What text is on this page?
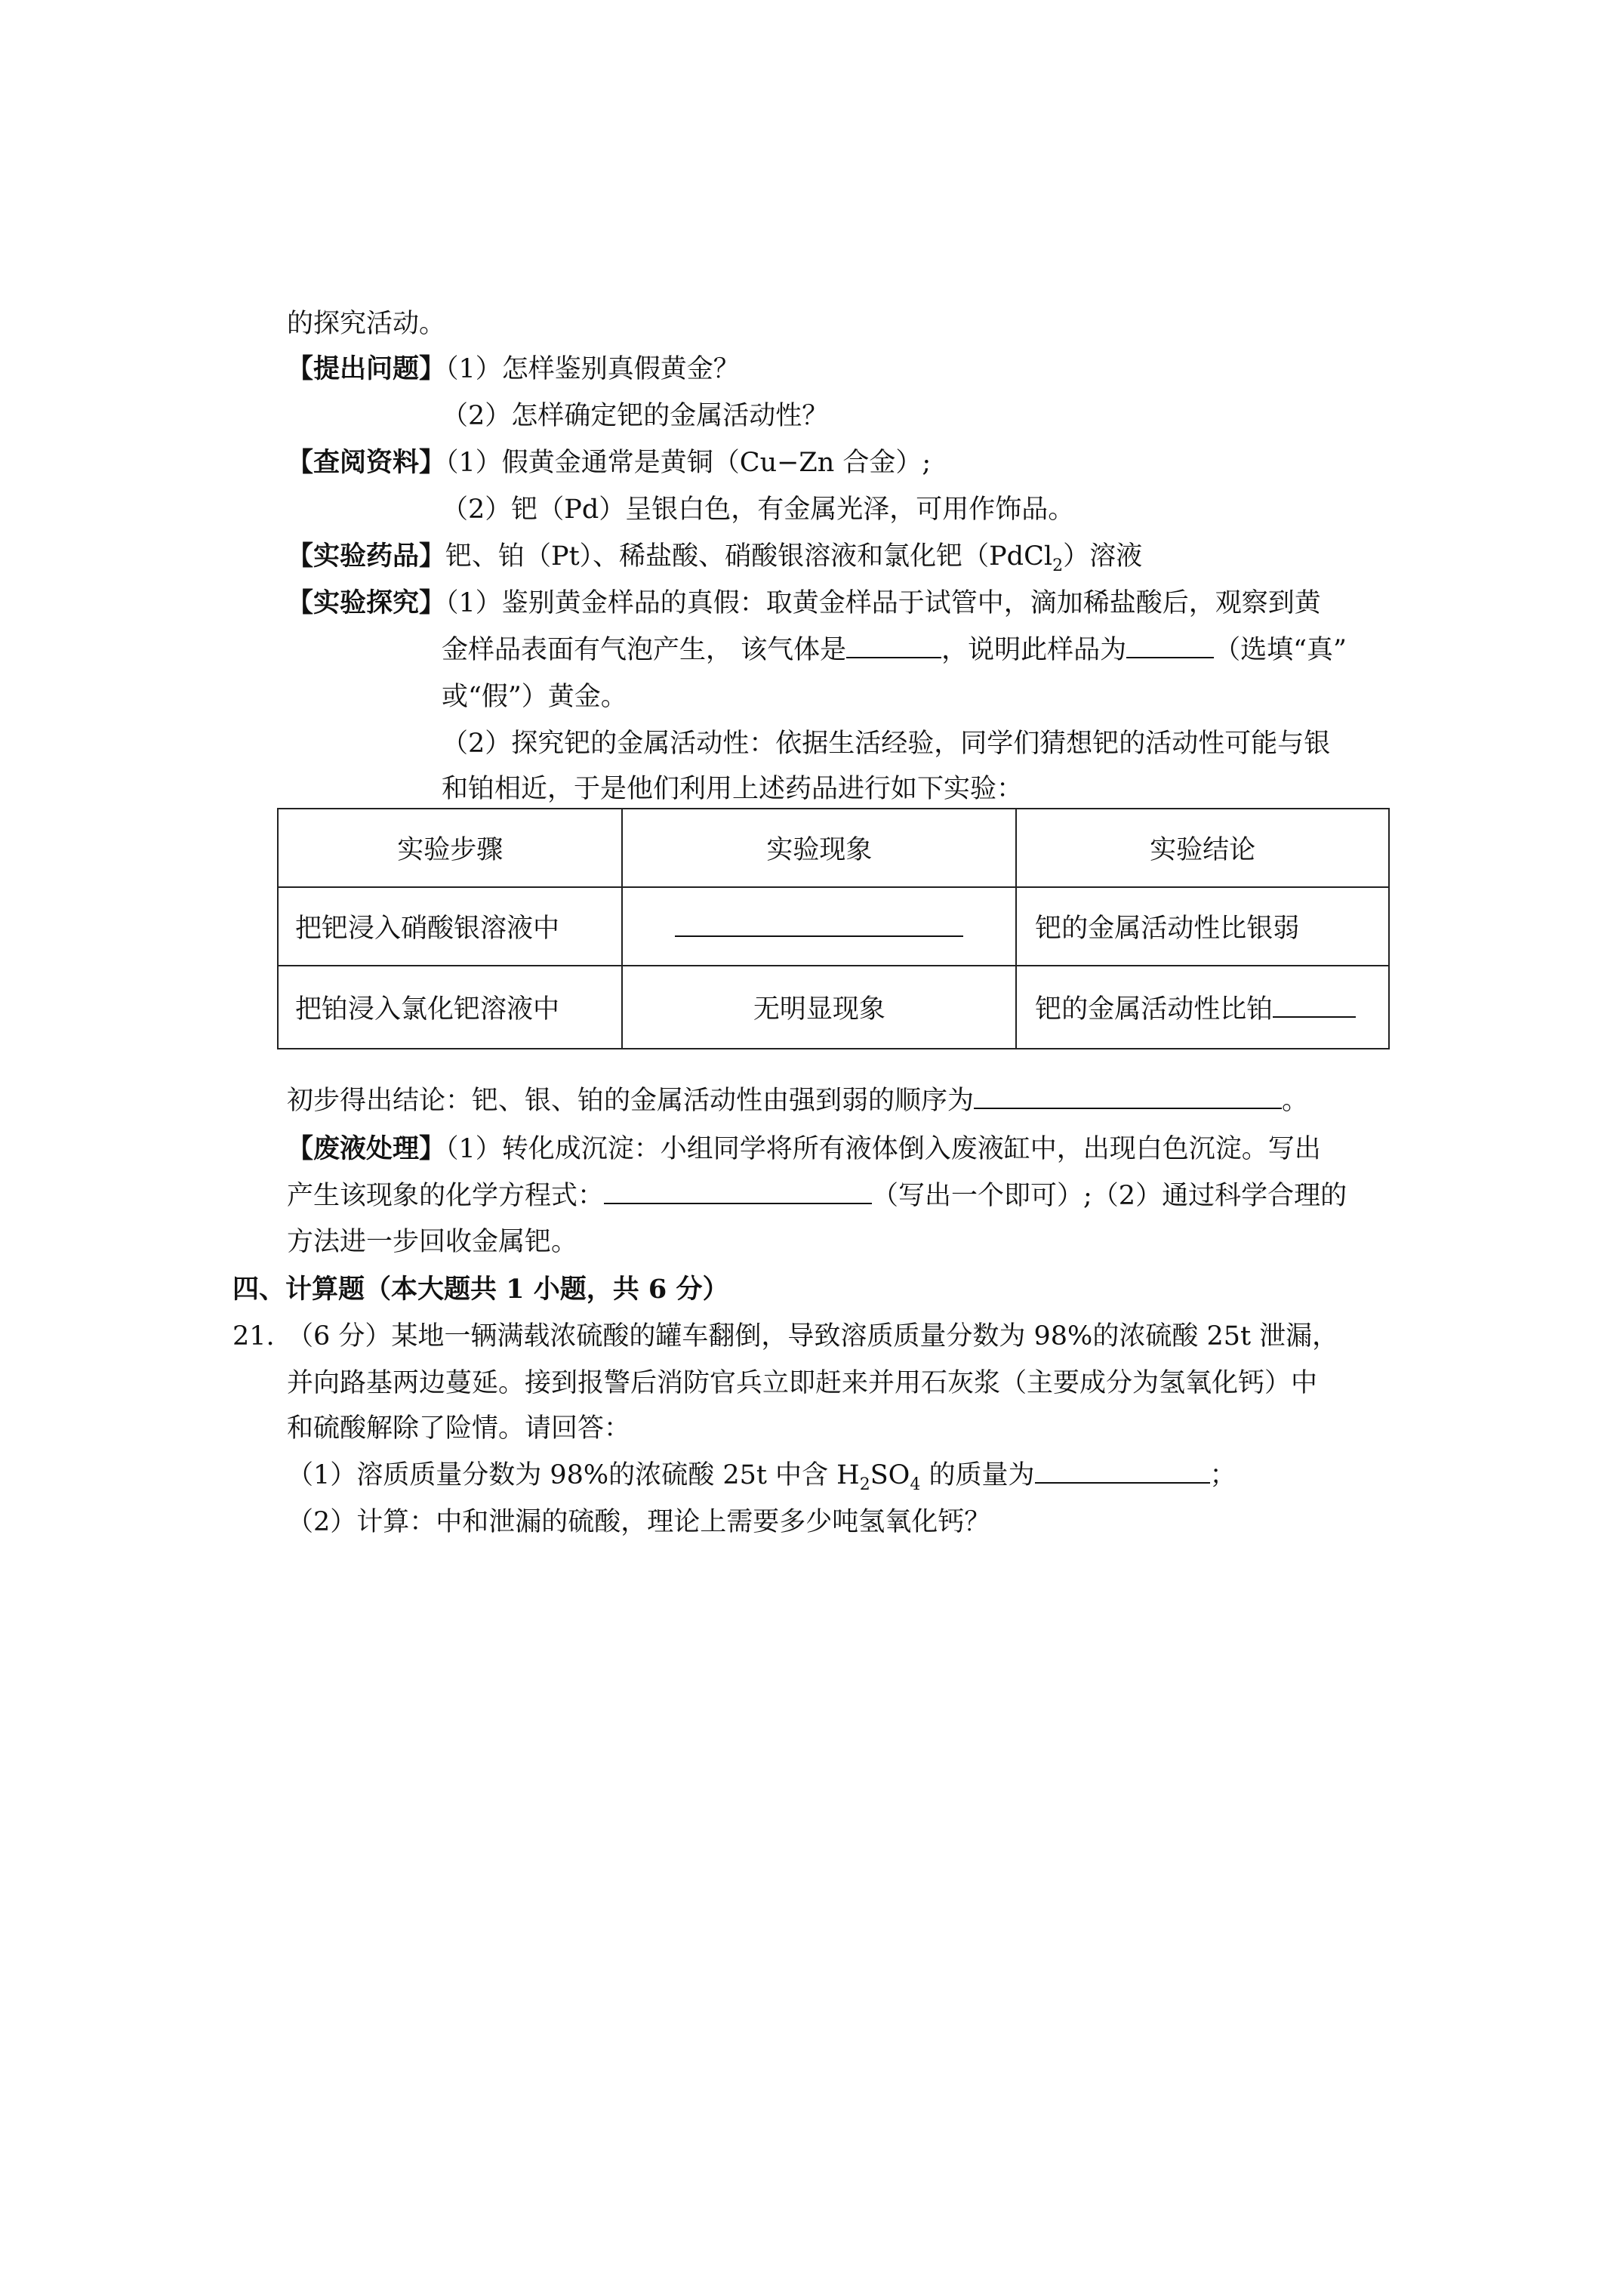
的探究活动。
【提出问题】（1）怎样鉴别真假黄金？
（2）怎样确定钯的金属活动性？
【查阅资料】（1）假黄金通常是黄铜（Cu−Zn 合金）;
（2）钯（Pd）呈银白色，有金属光泽，可用作饰品。
【实验药品】钯、铂（Pt）、稀盐酸、硝酸银溶液和氯化钯（PdCl$_2$）溶液
【实验探究】（1）鉴别黄金样品的真假：取黄金样品于试管中，滴加稀盐酸后，观察到黄
金样品表面有气泡产生， 该气体是	，说明此样品为	（选填“真”
或“假”）黄金。
（2）探究钯的金属活动性：依据生活经验，同学们猜想钯的活动性可能与银
和铂相近，于是他们利用上述药品进行如下实验：
实验步骤	实验现象	实验结论
把钯浸入硝酸银溶液中		钯的金属活动性比银弱
把铂浸入氯化钯溶液中	无明显现象	钯的金属活动性比铂
初步得出结论：钯、银、铂的金属活动性由强到弱的顺序为	。
【废液处理】（1）转化成沉淀：小组同学将所有液体倒入废液缸中，出现白色沉淀。写出
产生该现象的化学方程式：	（写出一个即可）;（2）通过科学合理的
方法进一步回收金属钯。
四、计算题（本大题共 1 小题，共 6 分）
21. （6 分）某地一辆满载浓硫酸的罐车翻倒，导致溶质质量分数为 98%的浓硫酸 25t 泄漏，
并向路基两边蔓延。接到报警后消防官兵立即赶来并用石灰浆（主要成分为氢氧化钙）中
和硫酸解除了险情。请回答：
（1）溶质质量分数为 98%的浓硫酸 25t 中含 $H_2SO_4$ 的质量为	；
（2）计算：中和泄漏的硫酸，理论上需要多少吨氢氧化钙？
